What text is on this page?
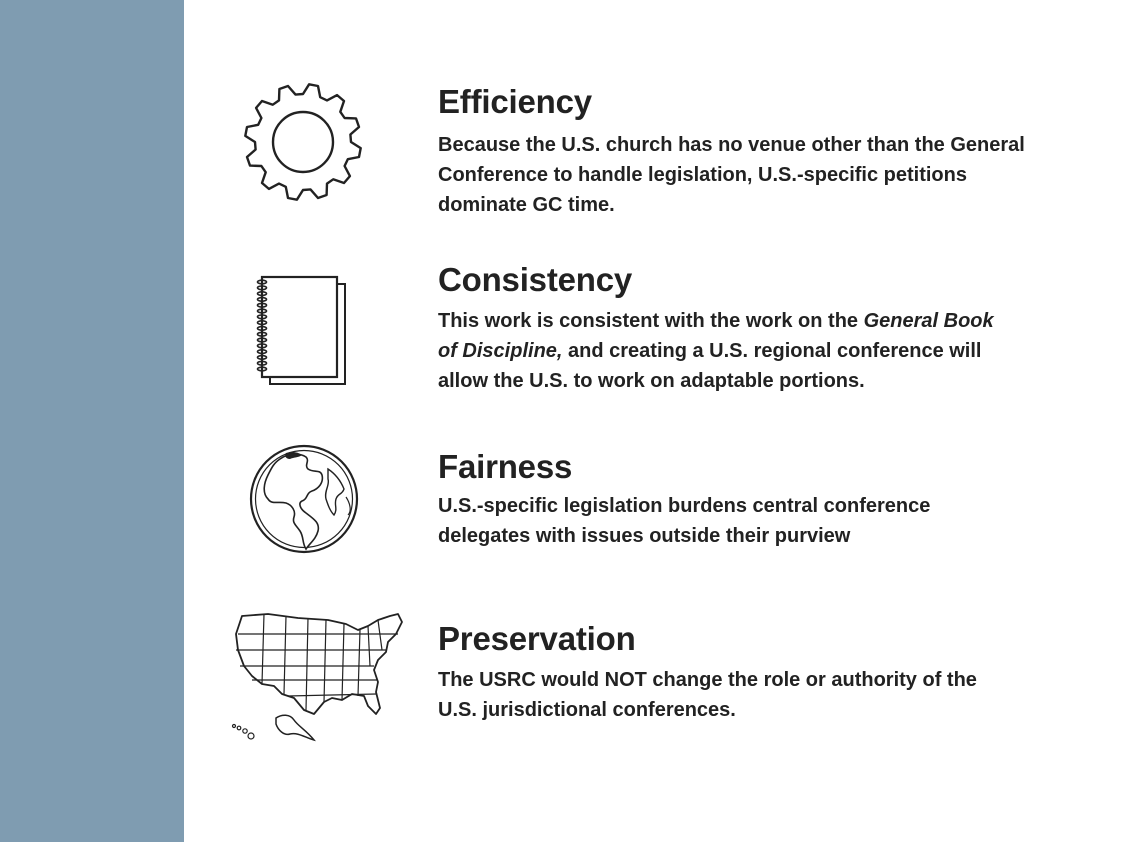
Efficiency

Because the U.S. church has no venue other than the General Conference to handle legislation, U.S.-specific petitions dominate GC time.

Consistency

This work is consistent with the work on the General Book of Discipline, and creating a U.S. regional conference will allow the U.S. to work on adaptable portions.

Fairness

U.S.-specific legislation burdens central conference delegates with issues outside their purview

Preservation

The USRC would NOT change the role or authority of the U.S. jurisdictional conferences.
